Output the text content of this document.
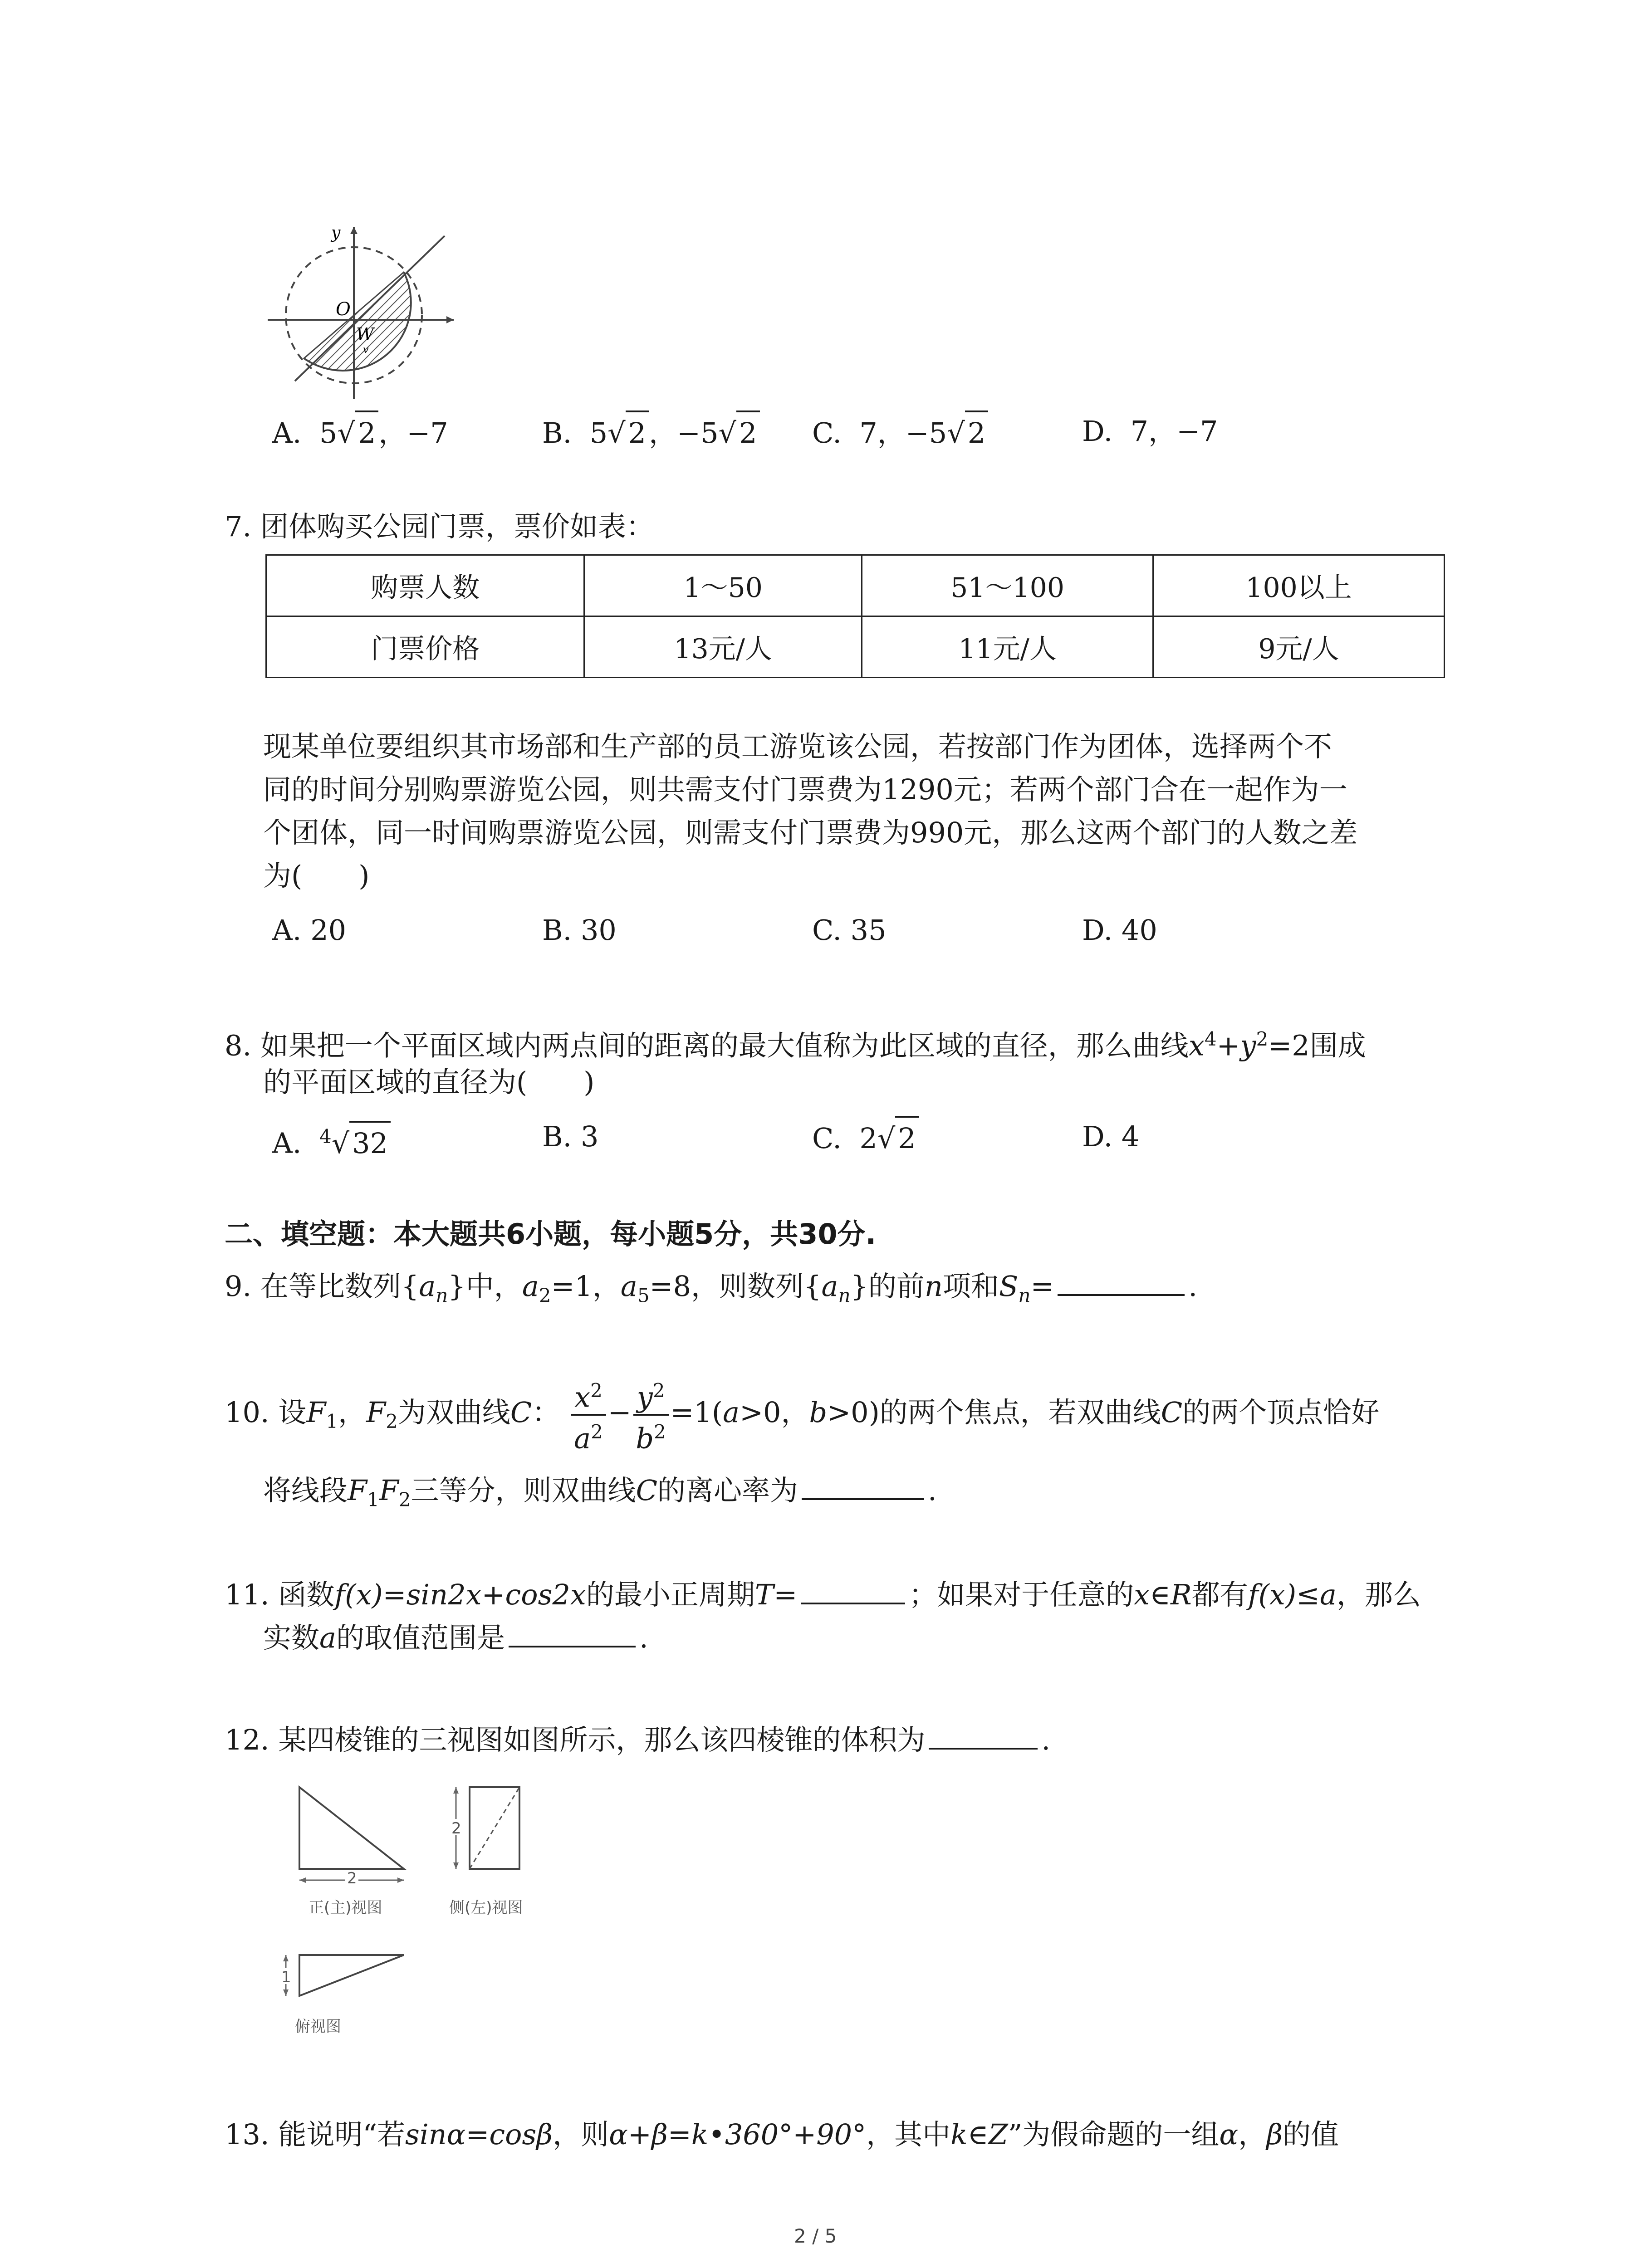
y
O
W
v
A. 5√2，−7	B. 5√2，−5√2 C. 7，−5√2	D. 7，−7
7. 团体购买公园门票，票价如表：
购票人数	1～50	51～100	100以上
门票价格	13元/人	11元/人	9元/人
现某单位要组织其市场部和生产部的员工游览该公园，若按部门作为团体，选择两个不
同的时间分别购票游览公园，则共需支付门票费为1290元；若两个部门合在一起作为一
个团体，同一时间购票游览公园，则需支付门票费为990元，那么这两个部门的人数之差
为(　　)
A. 20	B. 30	C. 35	D. 40
8. 如果把一个平面区域内两点间的距离的最大值称为此区域的直径，那么曲线$x^4+y^2=2$围成
的平面区域的直径为(　　)
A. $^4$√32	B. 3	C. 2√2	D. 4
二、填空题：本大题共6小题，每小题5分，共30分.
9. 在等比数列$\{a_n\}$中，$a_2=1$，$a_5=8$，则数列$\{a_n\}$的前n项和$S_n=$	.
10. 设$F_1$，$F_2$为双曲线C： $\frac{x^2}{a^2} - \frac{y^2}{b^2} =1(a>0$，b>0)的两个焦点，若双曲线C的两个顶点恰好
将线段$F_1F_2$三等分，则双曲线C的离心率为	.
11. 函数f(x)=sin2x+cos2x的最小正周期T=	；如果对于任意的x∈R都有f(x)≤a，那么
实数a的取值范围是	.
12. 某四棱锥的三视图如图所示，那么该四棱锥的体积为	.
2
正(主)视图
2
侧(左)视图
1
俯视图
13. 能说明“若sinα=cosβ，则α+β=k•360°+90°，其中k∈Z”为假命题的一组α，β的值
2 / 5
